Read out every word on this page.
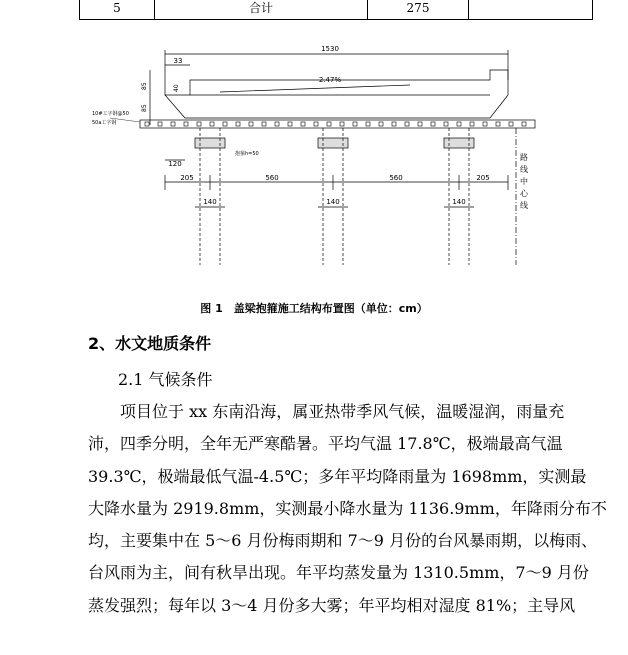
5	合计	275
1530
33
2.47%
85	40
85
10#工字钢@50
50a工字钢
抱箍h=50
120
205	560	560	205
140	140	140
路
线
中
心
线
图 1　盖梁抱箍施工结构布置图（单位：cm）
2、水文地质条件
2.1 气候条件
项目位于 xx 东南沿海，属亚热带季风气候，温暖湿润，雨量充
沛，四季分明，全年无严寒酷暑。平均气温 17.8℃，极端最高气温
39.3℃，极端最低气温-4.5℃；多年平均降雨量为 1698mm，实测最
大降水量为 2919.8mm，实测最小降水量为 1136.9mm，年降雨分布不
均，主要集中在 5～6 月份梅雨期和 7～9 月份的台风暴雨期，以梅雨、
台风雨为主，间有秋旱出现。年平均蒸发量为 1310.5mm，7～9 月份
蒸发强烈；每年以 3～4 月份多大雾；年平均相对湿度 81%；主导风
